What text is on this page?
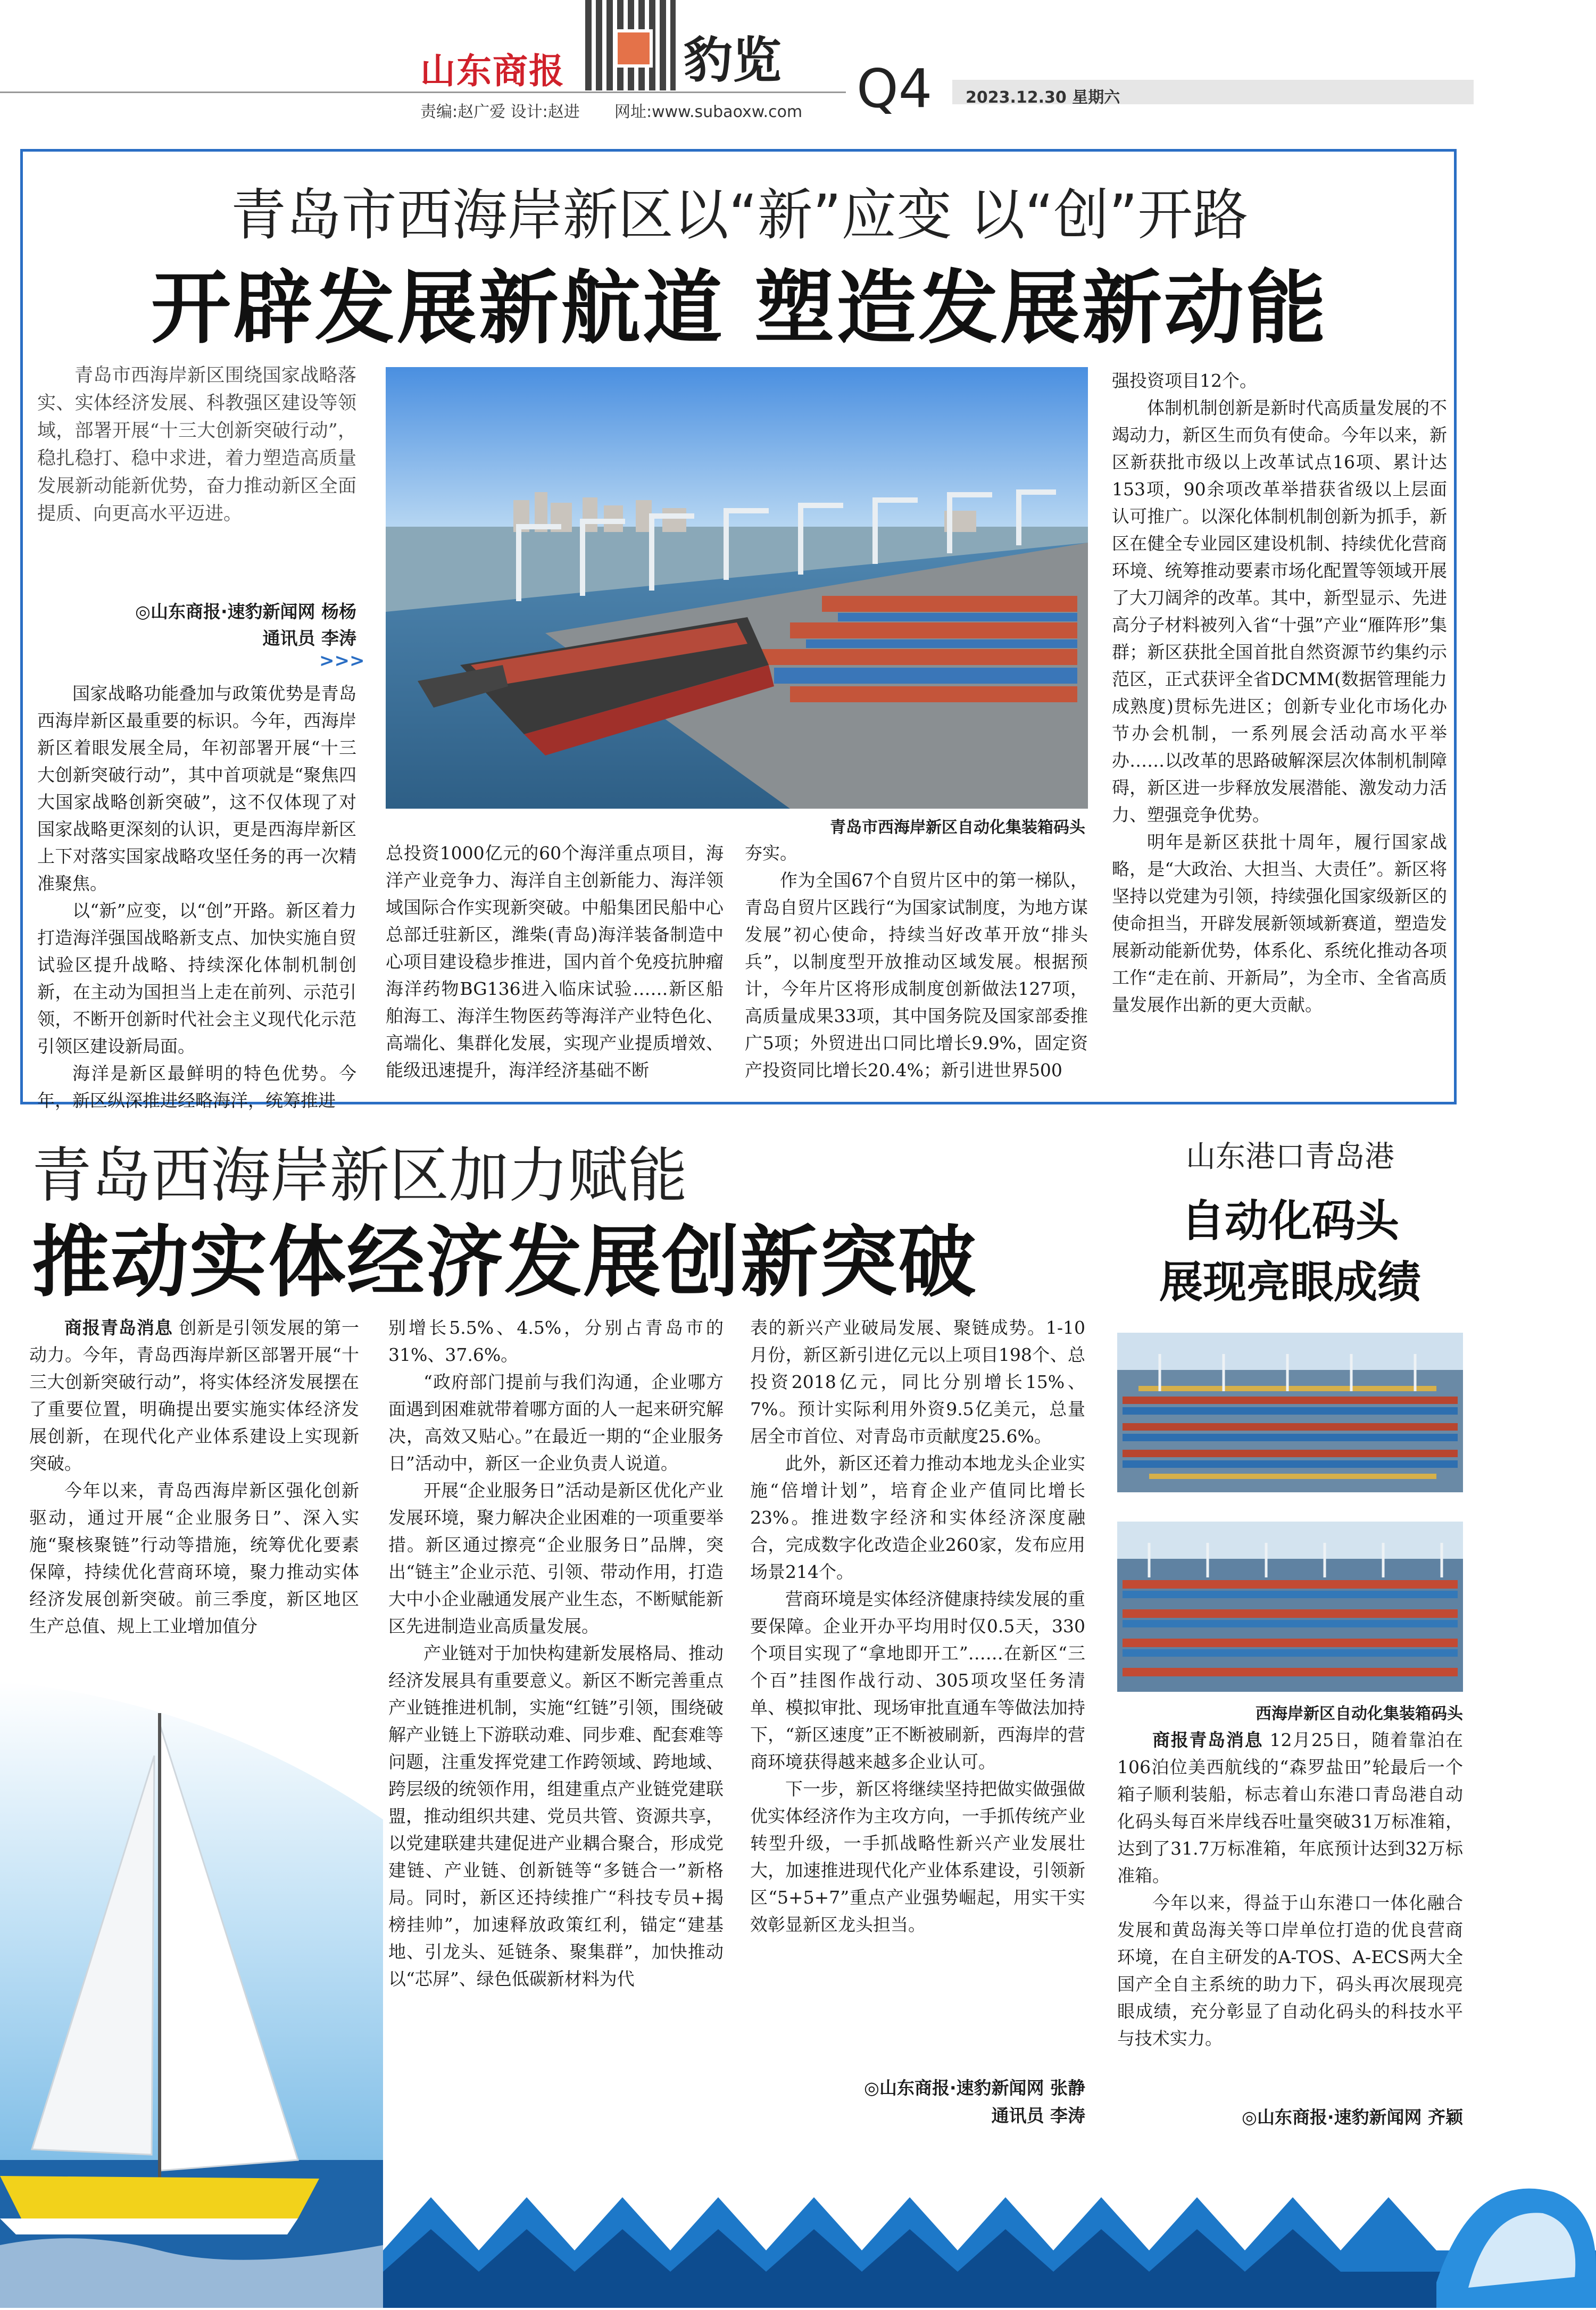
山东商报 豹览
责编:赵广爱 设计:赵进 网址:www.subaoxw.com Q4 2023.12.30 星期六
青岛市西海岸新区以“新”应变 以“创”开路
开辟发展新航道 塑造发展新动能
青岛市西海岸新区围绕国家战略落实、实体经济发展、科教强区建设等领域，部署开展“十三大创新突破行动”，稳扎稳打、稳中求进，着力塑造高质量发展新动能新优势，奋力推动新区全面提质、向更高水平迈进。
◎山东商报·速豹新闻网 杨杨
通讯员 李涛
>>>

国家战略功能叠加与政策优势是青岛西海岸新区最重要的标识。今年，西海岸新区着眼发展全局，年初部署开展“十三大创新突破行动”，其中首项就是“聚焦四大国家战略创新突破”，这不仅体现了对国家战略更深刻的认识，更是西海岸新区上下对落实国家战略攻坚任务的再一次精准聚焦。

以“新”应变，以“创”开路。新区着力打造海洋强国战略新支点、加快实施自贸试验区提升战略、持续深化体制机制创新，在主动为国担当上走在前列、示范引领，不断开创新时代社会主义现代化示范引领区建设新局面。

海洋是新区最鲜明的特色优势。今年，新区纵深推进经略海洋，统筹推进

青岛市西海岸新区自动化集装箱码头

总投资1000亿元的60个海洋重点项目，海洋产业竞争力、海洋自主创新能力、海洋领域国际合作实现新突破。中船集团民船中心总部迁驻新区，潍柴(青岛)海洋装备制造中心项目建设稳步推进，国内首个免疫抗肿瘤海洋药物BG136进入临床试验……新区船舶海工、海洋生物医药等海洋产业特色化、高端化、集群化发展，实现产业提质增效、能级迅速提升，海洋经济基础不断

夯实。

作为全国67个自贸片区中的第一梯队，青岛自贸片区践行“为国家试制度，为地方谋发展”初心使命，持续当好改革开放“排头兵”，以制度型开放推动区域发展。根据预计，今年片区将形成制度创新做法127项，高质量成果33项，其中国务院及国家部委推广5项；外贸进出口同比增长9.9%，固定资产投资同比增长20.4%；新引进世界500

强投资项目12个。

体制机制创新是新时代高质量发展的不竭动力，新区生而负有使命。今年以来，新区新获批市级以上改革试点16项、累计达153项，90余项改革举措获省级以上层面认可推广。以深化体制机制创新为抓手，新区在健全专业园区建设机制、持续优化营商环境、统筹推动要素市场化配置等领域开展了大刀阔斧的改革。其中，新型显示、先进高分子材料被列入省“十强”产业“雁阵形”集群；新区获批全国首批自然资源节约集约示范区，正式获评全省DCMM(数据管理能力成熟度)贯标先进区；创新专业化市场化办节办会机制，一系列展会活动高水平举办……以改革的思路破解深层次体制机制障碍，新区进一步释放发展潜能、激发动力活力、塑强竞争优势。

明年是新区获批十周年，履行国家战略，是“大政治、大担当、大责任”。新区将坚持以党建为引领，持续强化国家级新区的使命担当，开辟发展新领域新赛道，塑造发展新动能新优势，体系化、系统化推动各项工作“走在前、开新局”，为全市、全省高质量发展作出新的更大贡献。

青岛西海岸新区加力赋能
推动实体经济发展创新突破

商报青岛消息 创新是引领发展的第一动力。今年，青岛西海岸新区部署开展“十三大创新突破行动”，将实体经济发展摆在了重要位置，明确提出要实施实体经济发展创新，在现代化产业体系建设上实现新突破。

今年以来，青岛西海岸新区强化创新驱动，通过开展“企业服务日”、深入实施“聚核聚链”行动等措施，统筹优化要素保障，持续优化营商环境，聚力推动实体经济发展创新突破。前三季度，新区地区生产总值、规上工业增加值分

别增长5.5%、4.5%，分别占青岛市的31%、37.6%。

“政府部门提前与我们沟通，企业哪方面遇到困难就带着哪方面的人一起来研究解决，高效又贴心。”在最近一期的“企业服务日”活动中，新区一企业负责人说道。

开展“企业服务日”活动是新区优化产业发展环境，聚力解决企业困难的一项重要举措。新区通过擦亮“企业服务日”品牌，突出“链主”企业示范、引领、带动作用，打造大中小企业融通发展产业生态，不断赋能新区先进制造业高质量发展。

产业链对于加快构建新发展格局、推动经济发展具有重要意义。新区不断完善重点产业链推进机制，实施“红链”引领，围绕破解产业链上下游联动难、同步难、配套难等问题，注重发挥党建工作跨领域、跨地域、跨层级的统领作用，组建重点产业链党建联盟，推动组织共建、党员共管、资源共享，以党建联建共建促进产业耦合聚合，形成党建链、产业链、创新链等“多链合一”新格局。同时，新区还持续推广“科技专员+揭榜挂帅”，加速释放政策红利，锚定“建基地、引龙头、延链条、聚集群”，加快推动以“芯屏”、绿色低碳新材料为代

表的新兴产业破局发展、聚链成势。1-10月份，新区新引进亿元以上项目198个、总投资2018亿元，同比分别增长15%、7%。预计实际利用外资9.5亿美元，总量居全市首位、对青岛市贡献度25.6%。

此外，新区还着力推动本地龙头企业实施“倍增计划”，培育企业产值同比增长23%。推进数字经济和实体经济深度融合，完成数字化改造企业260家，发布应用场景214个。

营商环境是实体经济健康持续发展的重要保障。企业开办平均用时仅0.5天，330个项目实现了“拿地即开工”……在新区“三个百”挂图作战行动、305项攻坚任务清单、模拟审批、现场审批直通车等做法加持下，“新区速度”正不断被刷新，西海岸的营商环境获得越来越多企业认可。

下一步，新区将继续坚持把做实做强做优实体经济作为主攻方向，一手抓传统产业转型升级，一手抓战略性新兴产业发展壮大，加速推进现代化产业体系建设，引领新区“5+5+7”重点产业强势崛起，用实干实效彰显新区龙头担当。

◎山东商报·速豹新闻网 张静
通讯员 李涛
山东港口青岛港
自动化码头
展现亮眼成绩
西海岸新区自动化集装箱码头

商报青岛消息 12月25日，随着靠泊在106泊位美西航线的“森罗盐田”轮最后一个箱子顺利装船，标志着山东港口青岛港自动化码头每百米岸线吞吐量突破31万标准箱，达到了31.7万标准箱，年底预计达到32万标准箱。

今年以来，得益于山东港口一体化融合发展和黄岛海关等口岸单位打造的优良营商环境，在自主研发的A-TOS、A-ECS两大全国产全自主系统的助力下，码头再次展现亮眼成绩，充分彰显了自动化码头的科技水平与技术实力。

◎山东商报·速豹新闻网 齐颖
